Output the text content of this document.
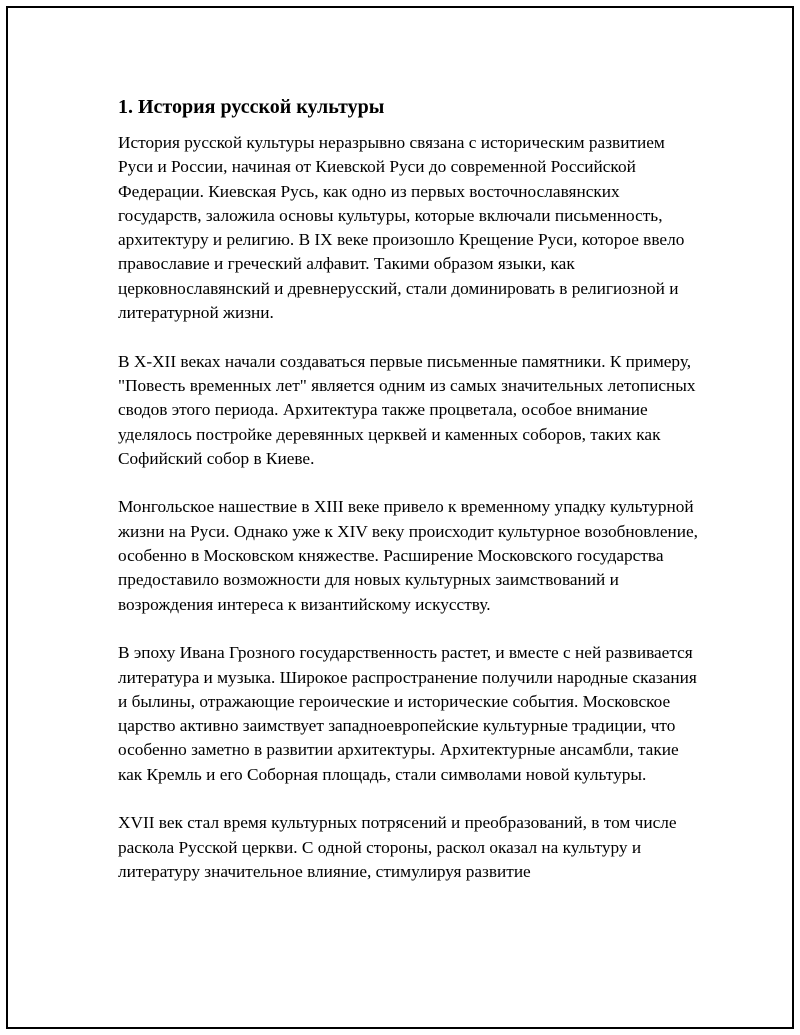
1. История русской культуры

История русской культуры неразрывно связана с историческим развитием Руси и России, начиная от Киевской Руси до современной Российской Федерации. Киевская Русь, как одно из первых восточнославянских государств, заложила основы культуры, которые включали письменность, архитектуру и религию. В IX веке произошло Крещение Руси, которое ввело православие и греческий алфавит. Такими образом языки, как церковнославянский и древнерусский, стали доминировать в религиозной и литературной жизни.

В X-XII веках начали создаваться первые письменные памятники. К примеру, "Повесть временных лет" является одним из самых значительных летописных сводов этого периода. Архитектура также процветала, особое внимание уделялось постройке деревянных церквей и каменных соборов, таких как Софийский собор в Киеве.

Монгольское нашествие в XIII веке привело к временному упадку культурной жизни на Руси. Однако уже к XIV веку происходит культурное возобновление, особенно в Московском княжестве. Расширение Московского государства предоставило возможности для новых культурных заимствований и возрождения интереса к византийскому искусству.

В эпоху Ивана Грозного государственность растет, и вместе с ней развивается литература и музыка. Широкое распространение получили народные сказания и былины, отражающие героические и исторические события. Московское царство активно заимствует западноевропейские культурные традиции, что особенно заметно в развитии архитектуры. Архитектурные ансамбли, такие как Кремль и его Соборная площадь, стали символами новой культуры.

XVII век стал время культурных потрясений и преобразований, в том числе раскола Русской церкви. С одной стороны, раскол оказал на культуру и литературу значительное влияние, стимулируя развитие
